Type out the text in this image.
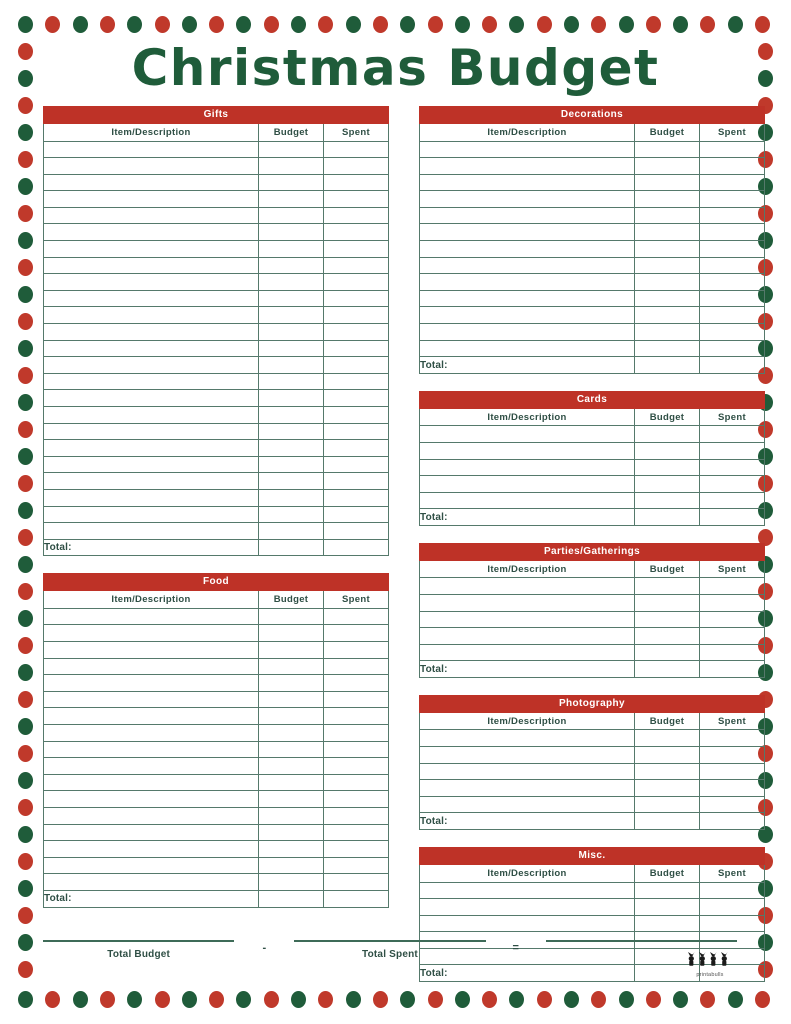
Christmas Budget
Gifts
Item/Description	Budget	Spent

Total:		
Food
Item/Description	Budget	Spent

Total:		
Decorations
Item/Description	Budget	Spent

Total:		
Cards
Item/Description	Budget	Spent

Total:		
Parties/Gatherings
Item/Description	Budget	Spent

Total:		
Photography
Item/Description	Budget	Spent

Total:		
Misc.
Item/Description	Budget	Spent

Total:		
Total Budget
-
Total Spent
=
printabulls
